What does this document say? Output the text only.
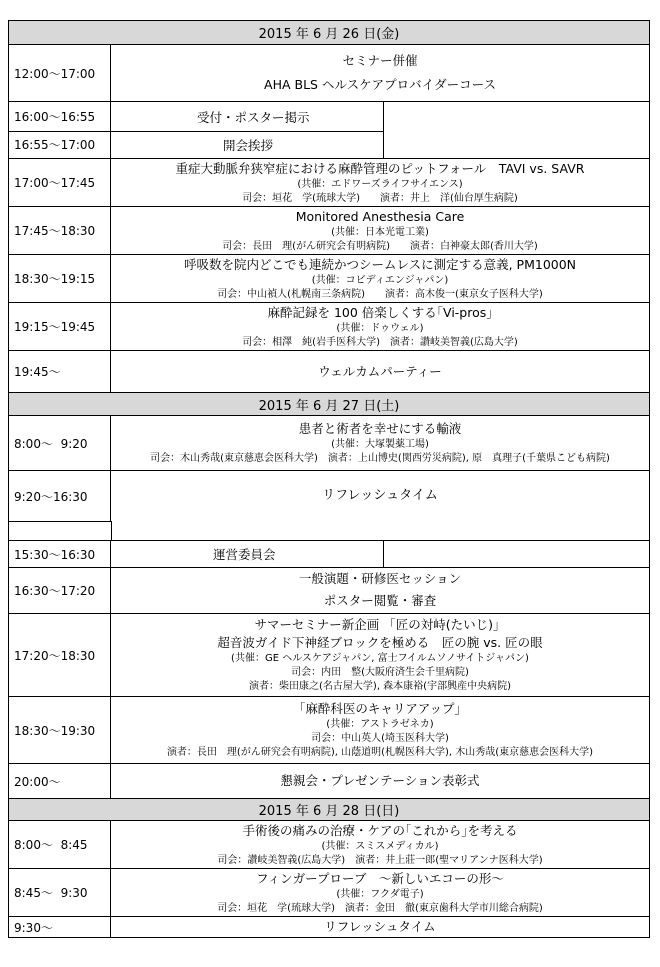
2015 年 6 月 26 日(金)
12:00～17:00
セミナー併催
AHA BLS ヘルスケアプロバイダーコース
16:00～16:55	受付・ポスター掲示
16:55～17:00	開会挨拶
17:00～17:45
重症大動脈弁狭窄症における麻酔管理のピットフォール　TAVI vs. SAVR
(共催：エドワーズライフサイエンス)
司会：垣花　学(琉球大学)　　演者：井上　洋(仙台厚生病院)
17:45～18:30
Monitored Anesthesia Care
(共催：日本光電工業)
司会：長田　理(がん研究会有明病院)　　演者：白神豪太郎(香川大学)
18:30～19:15
呼吸数を院内どこでも連続かつシームレスに測定する意義, PM1000N
(共催：コビディエンジャパン)
司会：中山禎人(札幌南三条病院)　　演者：高木俊一(東京女子医科大学)
19:15～19:45
麻酔記録を 100 倍楽しくする｢Vi-pros｣
(共催：ドゥウェル)
司会：相澤　純(岩手医科大学)　演者：讃岐美智義(広島大学)
19:45～	ウェルカムパーティー
2015 年 6 月 27 日(土)
8:00～  9:20
患者と術者を幸せにする輸液
(共催：大塚製薬工場)
司会：木山秀哉(東京慈恵会医科大学)　演者：上山博史(関西労災病院), 原　真理子(千葉県こども病院)
9:20～16:30	リフレッシュタイム
15:30～16:30	運営委員会
16:30～17:20
一般演題・研修医セッション
ポスター閲覧・審査
17:20～18:30
サマーセミナー新企画 「匠の対峙(たいじ)」
超音波ガイド下神経ブロックを極める　匠の腕 vs. 匠の眼
(共催：GE ヘルスケアジャパン, 富士フイルムソノサイトジャパン)
司会：内田　整(大阪府済生会千里病院)
演者：柴田康之(名古屋大学), 森本康裕(宇部興産中央病院)
18:30～19:30
｢麻酔科医のキャリアアップ｣
(共催：アストラゼネカ)
司会：中山英人(埼玉医科大学)
演者：長田　理(がん研究会有明病院), 山蔭道明(札幌医科大学), 木山秀哉(東京慈恵会医科大学)
20:00～	懇親会・プレゼンテーション表彰式
2015 年 6 月 28 日(日)
8:00～  8:45
手術後の痛みの治療・ケアの｢これから｣を考える
(共催：スミスメディカル)
司会：讃岐美智義(広島大学)　演者：井上莊一郎(聖マリアンナ医科大学)
8:45～  9:30
フィンガープローブ　～新しいエコーの形～
(共催：フクダ電子)
司会：垣花　学(琉球大学)　演者：金田　徹(東京歯科大学市川総合病院)
9:30～	リフレッシュタイム
